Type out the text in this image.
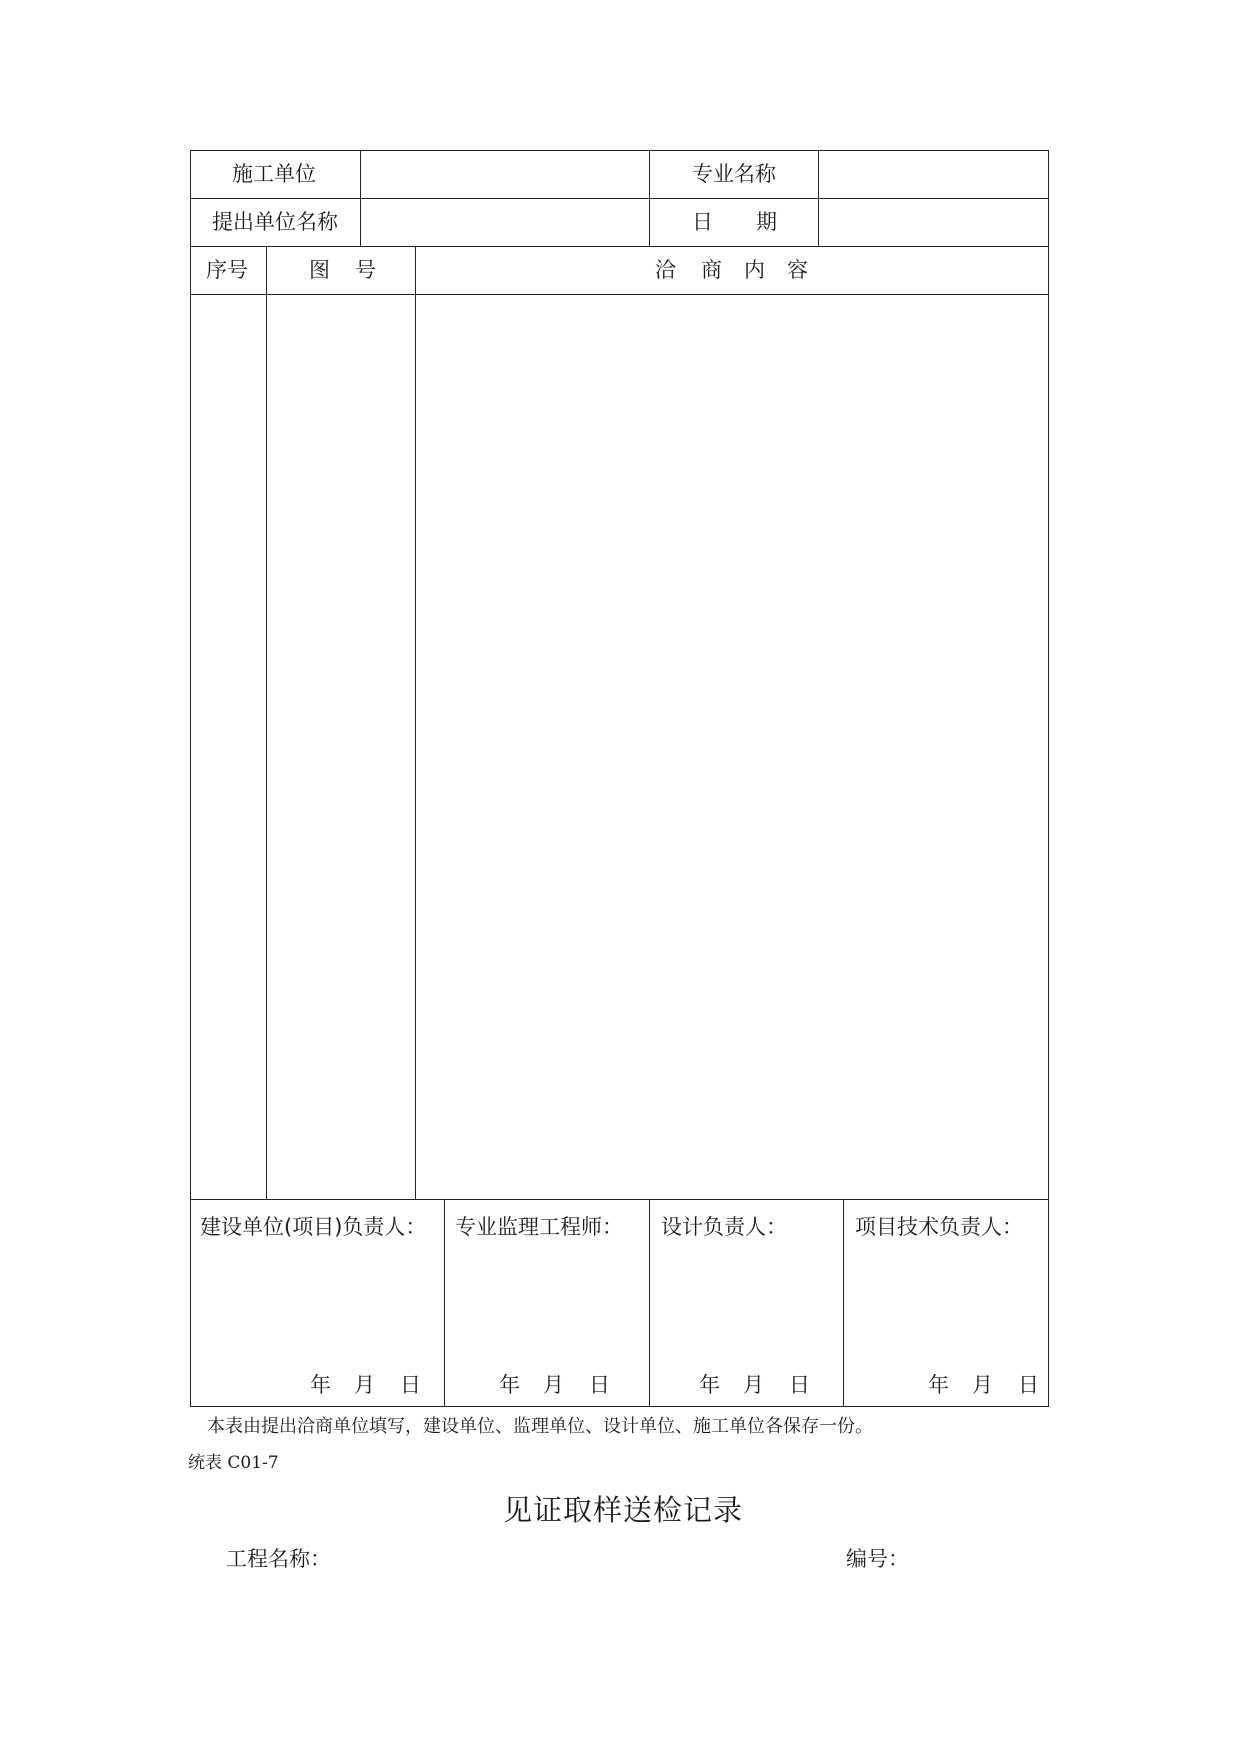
施工单位	专业名称
提出单位名称	日 期
序号	图 号	洽 商 内 容
建设单位(项目)负责人：
年 月 日
专业监理工程师：
年 月 日
设计负责人：
年 月 日
项目技术负责人：
年 月 日
本表由提出洽商单位填写，建设单位、监理单位、设计单位、施工单位各保存一份。
统表 C01-7
见证取样送检记录
工程名称：	编号：
